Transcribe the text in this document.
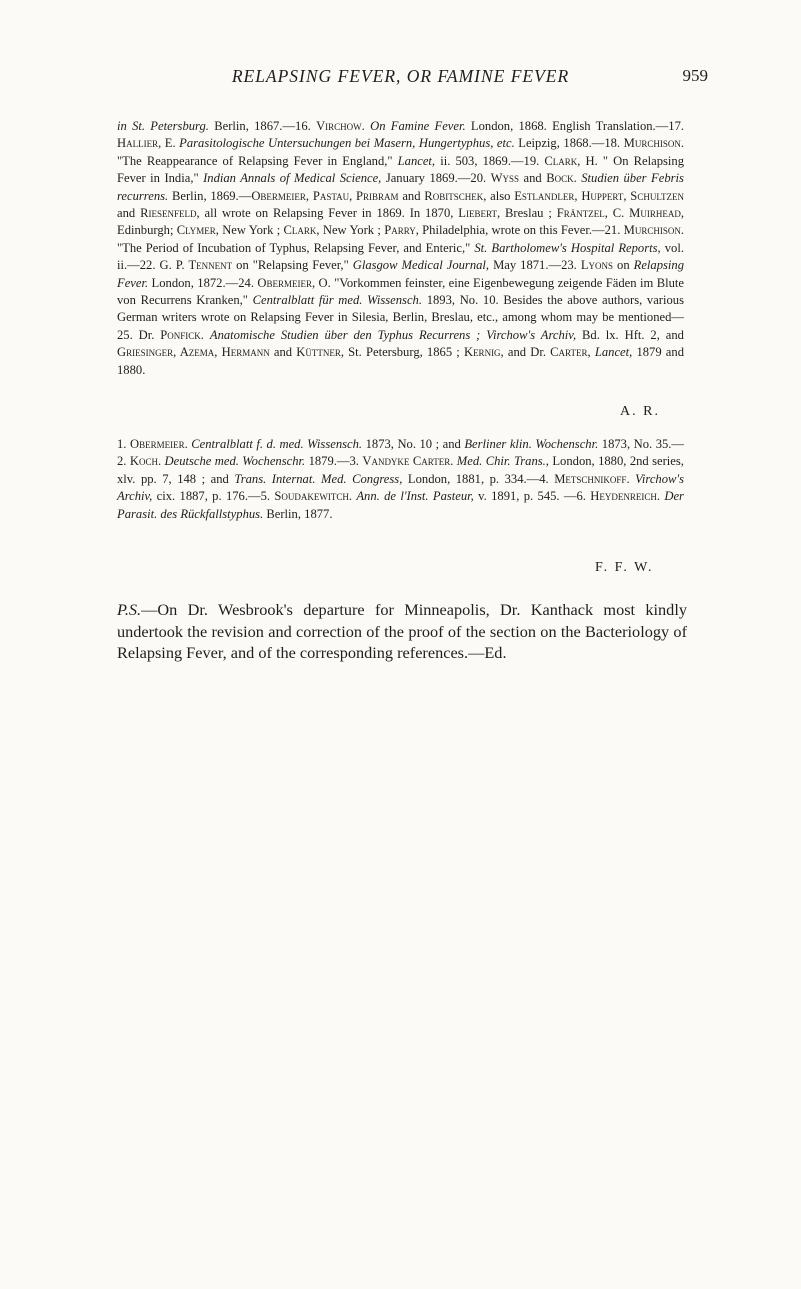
RELAPSING FEVER, OR FAMINE FEVER	959

in St. Petersburg. Berlin, 1867.—16. Virchow. On Famine Fever. London, 1868. English Translation.—17. Hallier, E. Parasitologische Untersuchungen bei Masern, Hungertyphus, etc. Leipzig, 1868.—18. Murchison. "The Reappearance of Relapsing Fever in England," Lancet, ii. 503, 1869.—19. Clark, H. " On Relapsing Fever in India," Indian Annals of Medical Science, January 1869.—20. Wyss and Bock. Studien über Febris recurrens. Berlin, 1869.—Obermeier, Pastau, Pribram and Robitschek, also Estlandler, Huppert, Schultzen and Riesenfeld, all wrote on Relapsing Fever in 1869. In 1870, Liebert, Breslau ; Fräntzel, C. Muirhead, Edinburgh; Clymer, New York ; Clark, New York ; Parry, Philadelphia, wrote on this Fever.—21. Murchison. "The Period of Incubation of Typhus, Relapsing Fever, and Enteric," St. Bartholomew's Hospital Reports, vol. ii.—22. G. P. Tennent on "Relapsing Fever," Glasgow Medical Journal, May 1871.—23. Lyons on Relapsing Fever. London, 1872.—24. Obermeier, O. "Vorkommen feinster, eine Eigenbewegung zeigende Fäden im Blute von Recurrens Kranken," Centralblatt für med. Wissensch. 1893, No. 10. Besides the above authors, various German writers wrote on Relapsing Fever in Silesia, Berlin, Breslau, etc., among whom may be mentioned— 25. Dr. Ponfick. Anatomische Studien über den Typhus Recurrens ; Virchow's Archiv, Bd. lx. Hft. 2, and Griesinger, Azema, Hermann and Küttner, St. Petersburg, 1865 ; Kernig, and Dr. Carter, Lancet, 1879 and 1880.

A. R.

1. Obermeier. Centralblatt f. d. med. Wissensch. 1873, No. 10 ; and Berliner klin. Wochenschr. 1873, No. 35.—2. Koch. Deutsche med. Wochenschr. 1879.—3. Vandyke Carter. Med. Chir. Trans., London, 1880, 2nd series, xlv. pp. 7, 148 ; and Trans. Internat. Med. Congress, London, 1881, p. 334.—4. Metschnikoff. Virchow's Archiv, cix. 1887, p. 176.—5. Soudakewitch. Ann. de l'Inst. Pasteur, v. 1891, p. 545. —6. Heydenreich. Der Parasit. des Rückfallstyphus. Berlin, 1877.

F. F. W.
P.S.—On Dr. Wesbrook's departure for Minneapolis, Dr. Kanthack most kindly undertook the revision and correction of the proof of the section on the Bacteriology of Relapsing Fever, and of the corresponding references.—Ed.
